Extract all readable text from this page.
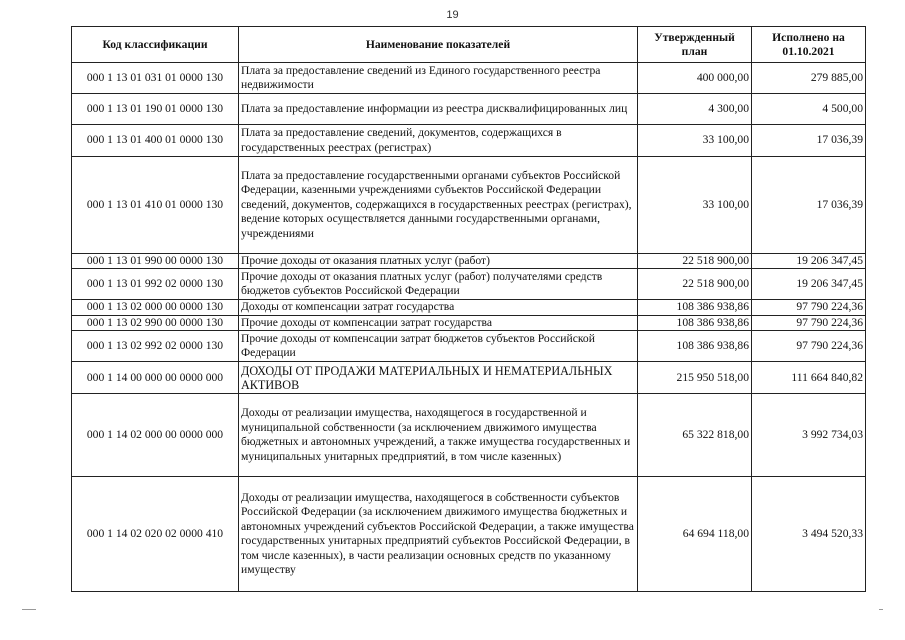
19
Код классификации	Наименование показателей	Утвержденный план	Исполнено на 01.10.2021
000 1 13 01 031 01 0000 130	Плата за предоставление сведений из Единого государственного реестра недвижимости	400 000,00	279 885,00
000 1 13 01 190 01 0000 130	Плата за предоставление информации из реестра дисквалифицированных лиц	4 300,00	4 500,00
000 1 13 01 400 01 0000 130	Плата за предоставление сведений, документов, содержащихся в государственных реестрах (регистрах)	33 100,00	17 036,39
000 1 13 01 410 01 0000 130	Плата за предоставление государственными органами субъектов Российской Федерации, казенными учреждениями субъектов Российской Федерации сведений, документов, содержащихся в государственных реестрах (регистрах), ведение которых осуществляется данными государственными органами, учреждениями	33 100,00	17 036,39
000 1 13 01 990 00 0000 130	Прочие доходы от оказания платных услуг (работ)	22 518 900,00	19 206 347,45
000 1 13 01 992 02 0000 130	Прочие доходы от оказания платных услуг (работ) получателями средств бюджетов субъектов Российской Федерации	22 518 900,00	19 206 347,45
000 1 13 02 000 00 0000 130	Доходы от компенсации затрат государства	108 386 938,86	97 790 224,36
000 1 13 02 990 00 0000 130	Прочие доходы от компенсации затрат государства	108 386 938,86	97 790 224,36
000 1 13 02 992 02 0000 130	Прочие доходы от компенсации затрат бюджетов субъектов Российской Федерации	108 386 938,86	97 790 224,36
000 1 14 00 000 00 0000 000	ДОХОДЫ ОТ ПРОДАЖИ МАТЕРИАЛЬНЫХ И НЕМАТЕРИАЛЬНЫХ АКТИВОВ	215 950 518,00	111 664 840,82
000 1 14 02 000 00 0000 000	Доходы от реализации имущества, находящегося в государственной и муниципальной собственности (за исключением движимого имущества бюджетных и автономных учреждений, а также имущества государственных и муниципальных унитарных предприятий, в том числе казенных)	65 322 818,00	3 992 734,03
000 1 14 02 020 02 0000 410	Доходы от реализации имущества, находящегося в собственности субъектов Российской Федерации (за исключением движимого имущества бюджетных и автономных учреждений субъектов Российской Федерации, а также имущества государственных унитарных предприятий субъектов Российской Федерации, в том числе казенных), в части реализации основных средств по указанному имуществу	64 694 118,00	3 494 520,33
